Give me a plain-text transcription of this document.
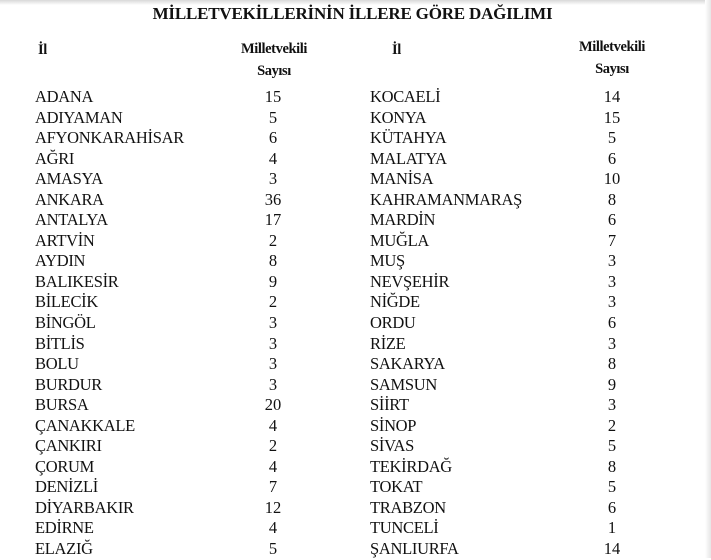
MİLLETVEKİLLERİNİN İLLERE GÖRE DAĞILIMI
İl	Milletvekili
Sayısı
İl	Milletvekili
Sayısı
ADANA	15
ADIYAMAN	5
AFYONKARAHİSAR	6
AĞRI	4
AMASYA	3
ANKARA	36
ANTALYA	17
ARTVİN	2
AYDIN	8
BALIKESİR	9
BİLECİK	2
BİNGÖL	3
BİTLİS	3
BOLU	3
BURDUR	3
BURSA	20
ÇANAKKALE	4
ÇANKIRI	2
ÇORUM	4
DENİZLİ	7
DİYARBAKIR	12
EDİRNE	4
ELAZIĞ	5
KOCAELİ	14
KONYA	15
KÜTAHYA	5
MALATYA	6
MANİSA	10
KAHRAMANMARAŞ	8
MARDİN	6
MUĞLA	7
MUŞ	3
NEVŞEHİR	3
NİĞDE	3
ORDU	6
RİZE	3
SAKARYA	8
SAMSUN	9
SİİRT	3
SİNOP	2
SİVAS	5
TEKİRDAĞ	8
TOKAT	5
TRABZON	6
TUNCELİ	1
ŞANLIURFA	14
